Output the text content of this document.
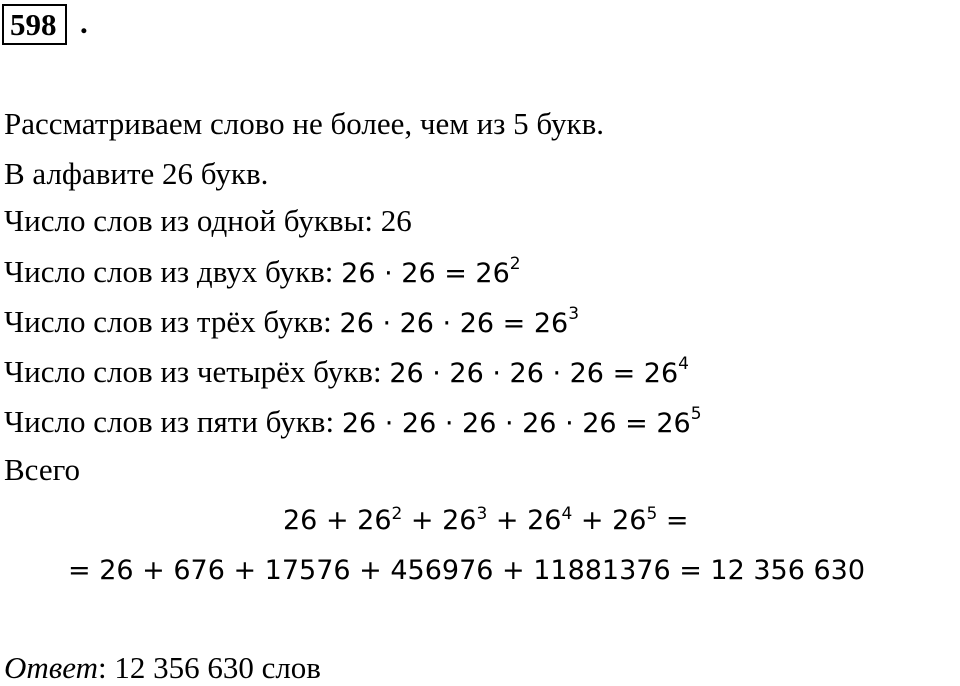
598 .
Рассматриваем слово не более, чем из 5 букв.
В алфавите 26 букв.
Число слов из одной буквы: 26
Число слов из двух букв: $26 \cdot 26 = 26^2$
Число слов из трёх букв: $26 \cdot 26 \cdot 26 = 26^3$
Число слов из четырёх букв: $26 \cdot 26 \cdot 26 \cdot 26 = 26^4$
Число слов из пяти букв: $26 \cdot 26 \cdot 26 \cdot 26 \cdot 26 = 26^5$
Всего
$26 + 26^2 + 26^3 + 26^4 + 26^5$ =
= 26 + 676 + 17576 + 456976 + 11881376 = 12 356 630
Ответ: 12 356 630 слов
